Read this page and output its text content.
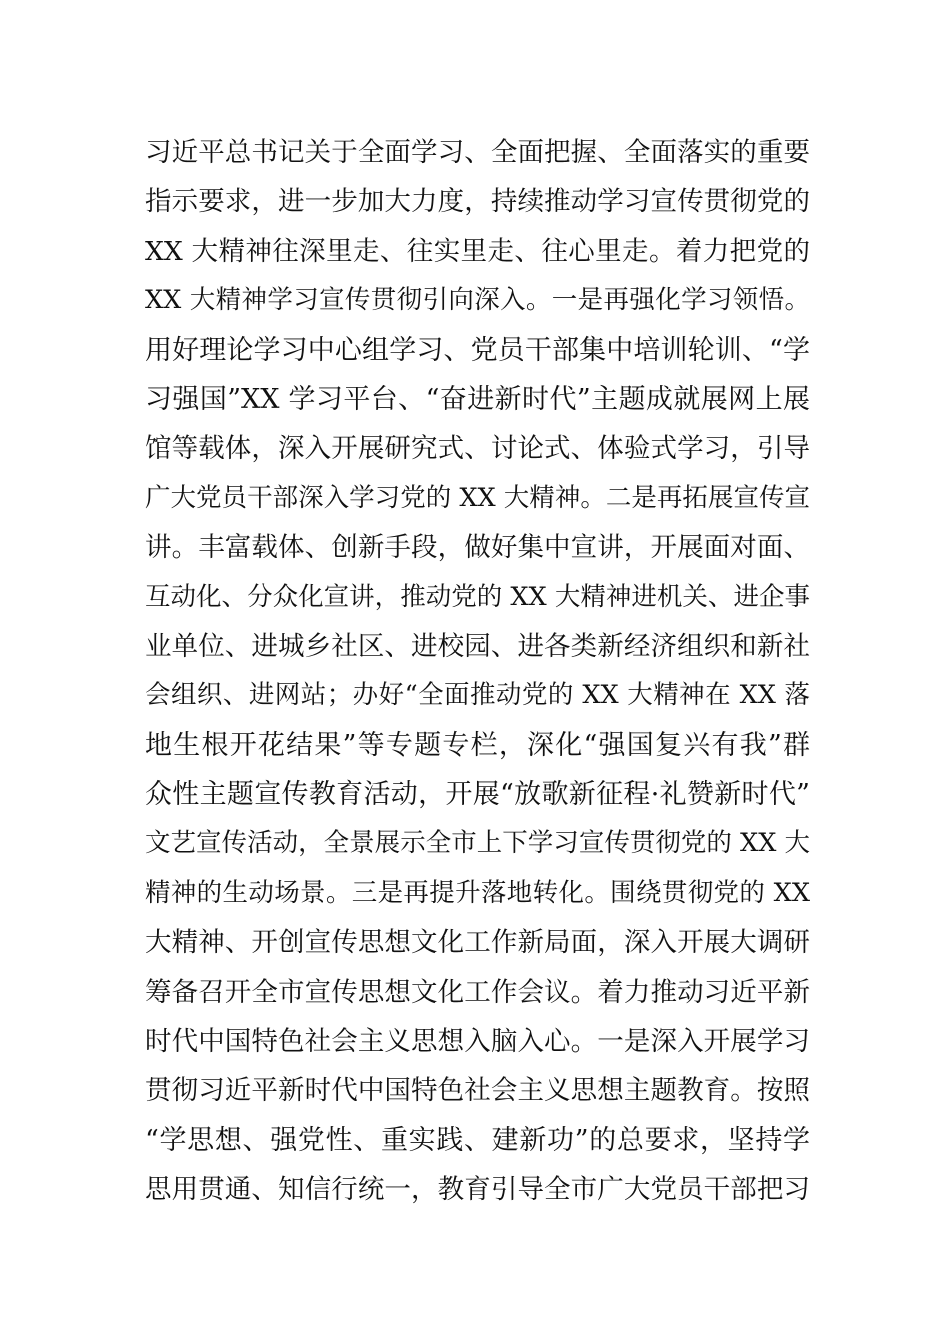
习近平总书记关于全面学习、全面把握、全面落实的重要
指示要求，进一步加大力度，持续推动学习宣传贯彻党的
XX 大精神往深里走、往实里走、往心里走。着力把党的
XX 大精神学习宣传贯彻引向深入。一是再强化学习领悟。
用好理论学习中心组学习、党员干部集中培训轮训、“学
习强国”XX 学习平台、“奋进新时代”主题成就展网上展
馆等载体，深入开展研究式、讨论式、体验式学习，引导
广大党员干部深入学习党的 XX 大精神。二是再拓展宣传宣
讲。丰富载体、创新手段，做好集中宣讲，开展面对面、
互动化、分众化宣讲，推动党的 XX 大精神进机关、进企事
业单位、进城乡社区、进校园、进各类新经济组织和新社
会组织、进网站；办好“全面推动党的 XX 大精神在 XX 落
地生根开花结果”等专题专栏，深化“强国复兴有我”群
众性主题宣传教育活动，开展“放歌新征程·礼赞新时代”
文艺宣传活动，全景展示全市上下学习宣传贯彻党的 XX 大
精神的生动场景。三是再提升落地转化。围绕贯彻党的 XX
大精神、开创宣传思想文化工作新局面，深入开展大调研
筹备召开全市宣传思想文化工作会议。着力推动习近平新
时代中国特色社会主义思想入脑入心。一是深入开展学习
贯彻习近平新时代中国特色社会主义思想主题教育。按照
“学思想、强党性、重实践、建新功”的总要求，坚持学
思用贯通、知信行统一，教育引导全市广大党员干部把习
